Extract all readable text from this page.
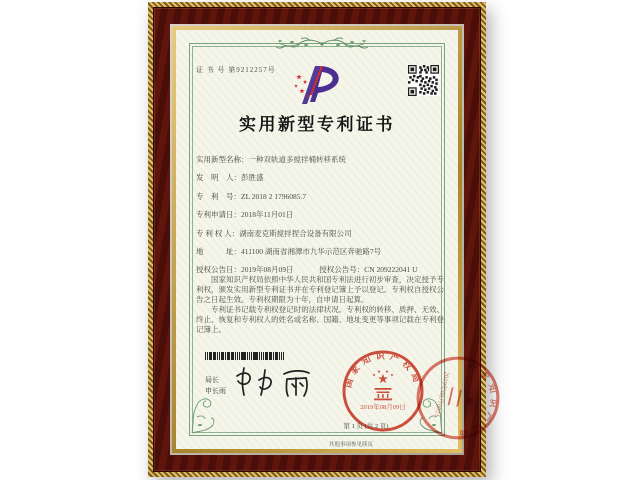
证 书 号 第9212257号
实用新型专利证书
实用新型名称：一种双轨道多搅拌桶转移系统
发　明　人：彭胜盛
专　利　号：ZL 2018 2 1796085.7
专利申请日：2018年11月01日
专 利 权 人：湖南麦克斯搅拌捏合设备有限公司
地　　　址：411100 湖南省湘潭市九华示范区奔驰路7号
授权公告日：2019年08月09日	授权公告号：CN 209222041 U

国家知识产权局依照中华人民共和国专利法进行初步审查，决定授予专利权，颁发实用新型专利证书并在专利登记簿上予以登记。专利权自授权公告之日起生效。专利权期限为十年，自申请日起算。

专利证书记载专利权登记时的法律状况。专利权的转移、质押、无效、终止、恢复和专利权人的姓名或名称、国籍、地址变更等事项记载在专利登记簿上。

局长
申长雨
国家知识产权局
2019年08月09日
国家知识产权局
2019年08月09日
第 1 页 (共 2 页)
其他事项参见续页
